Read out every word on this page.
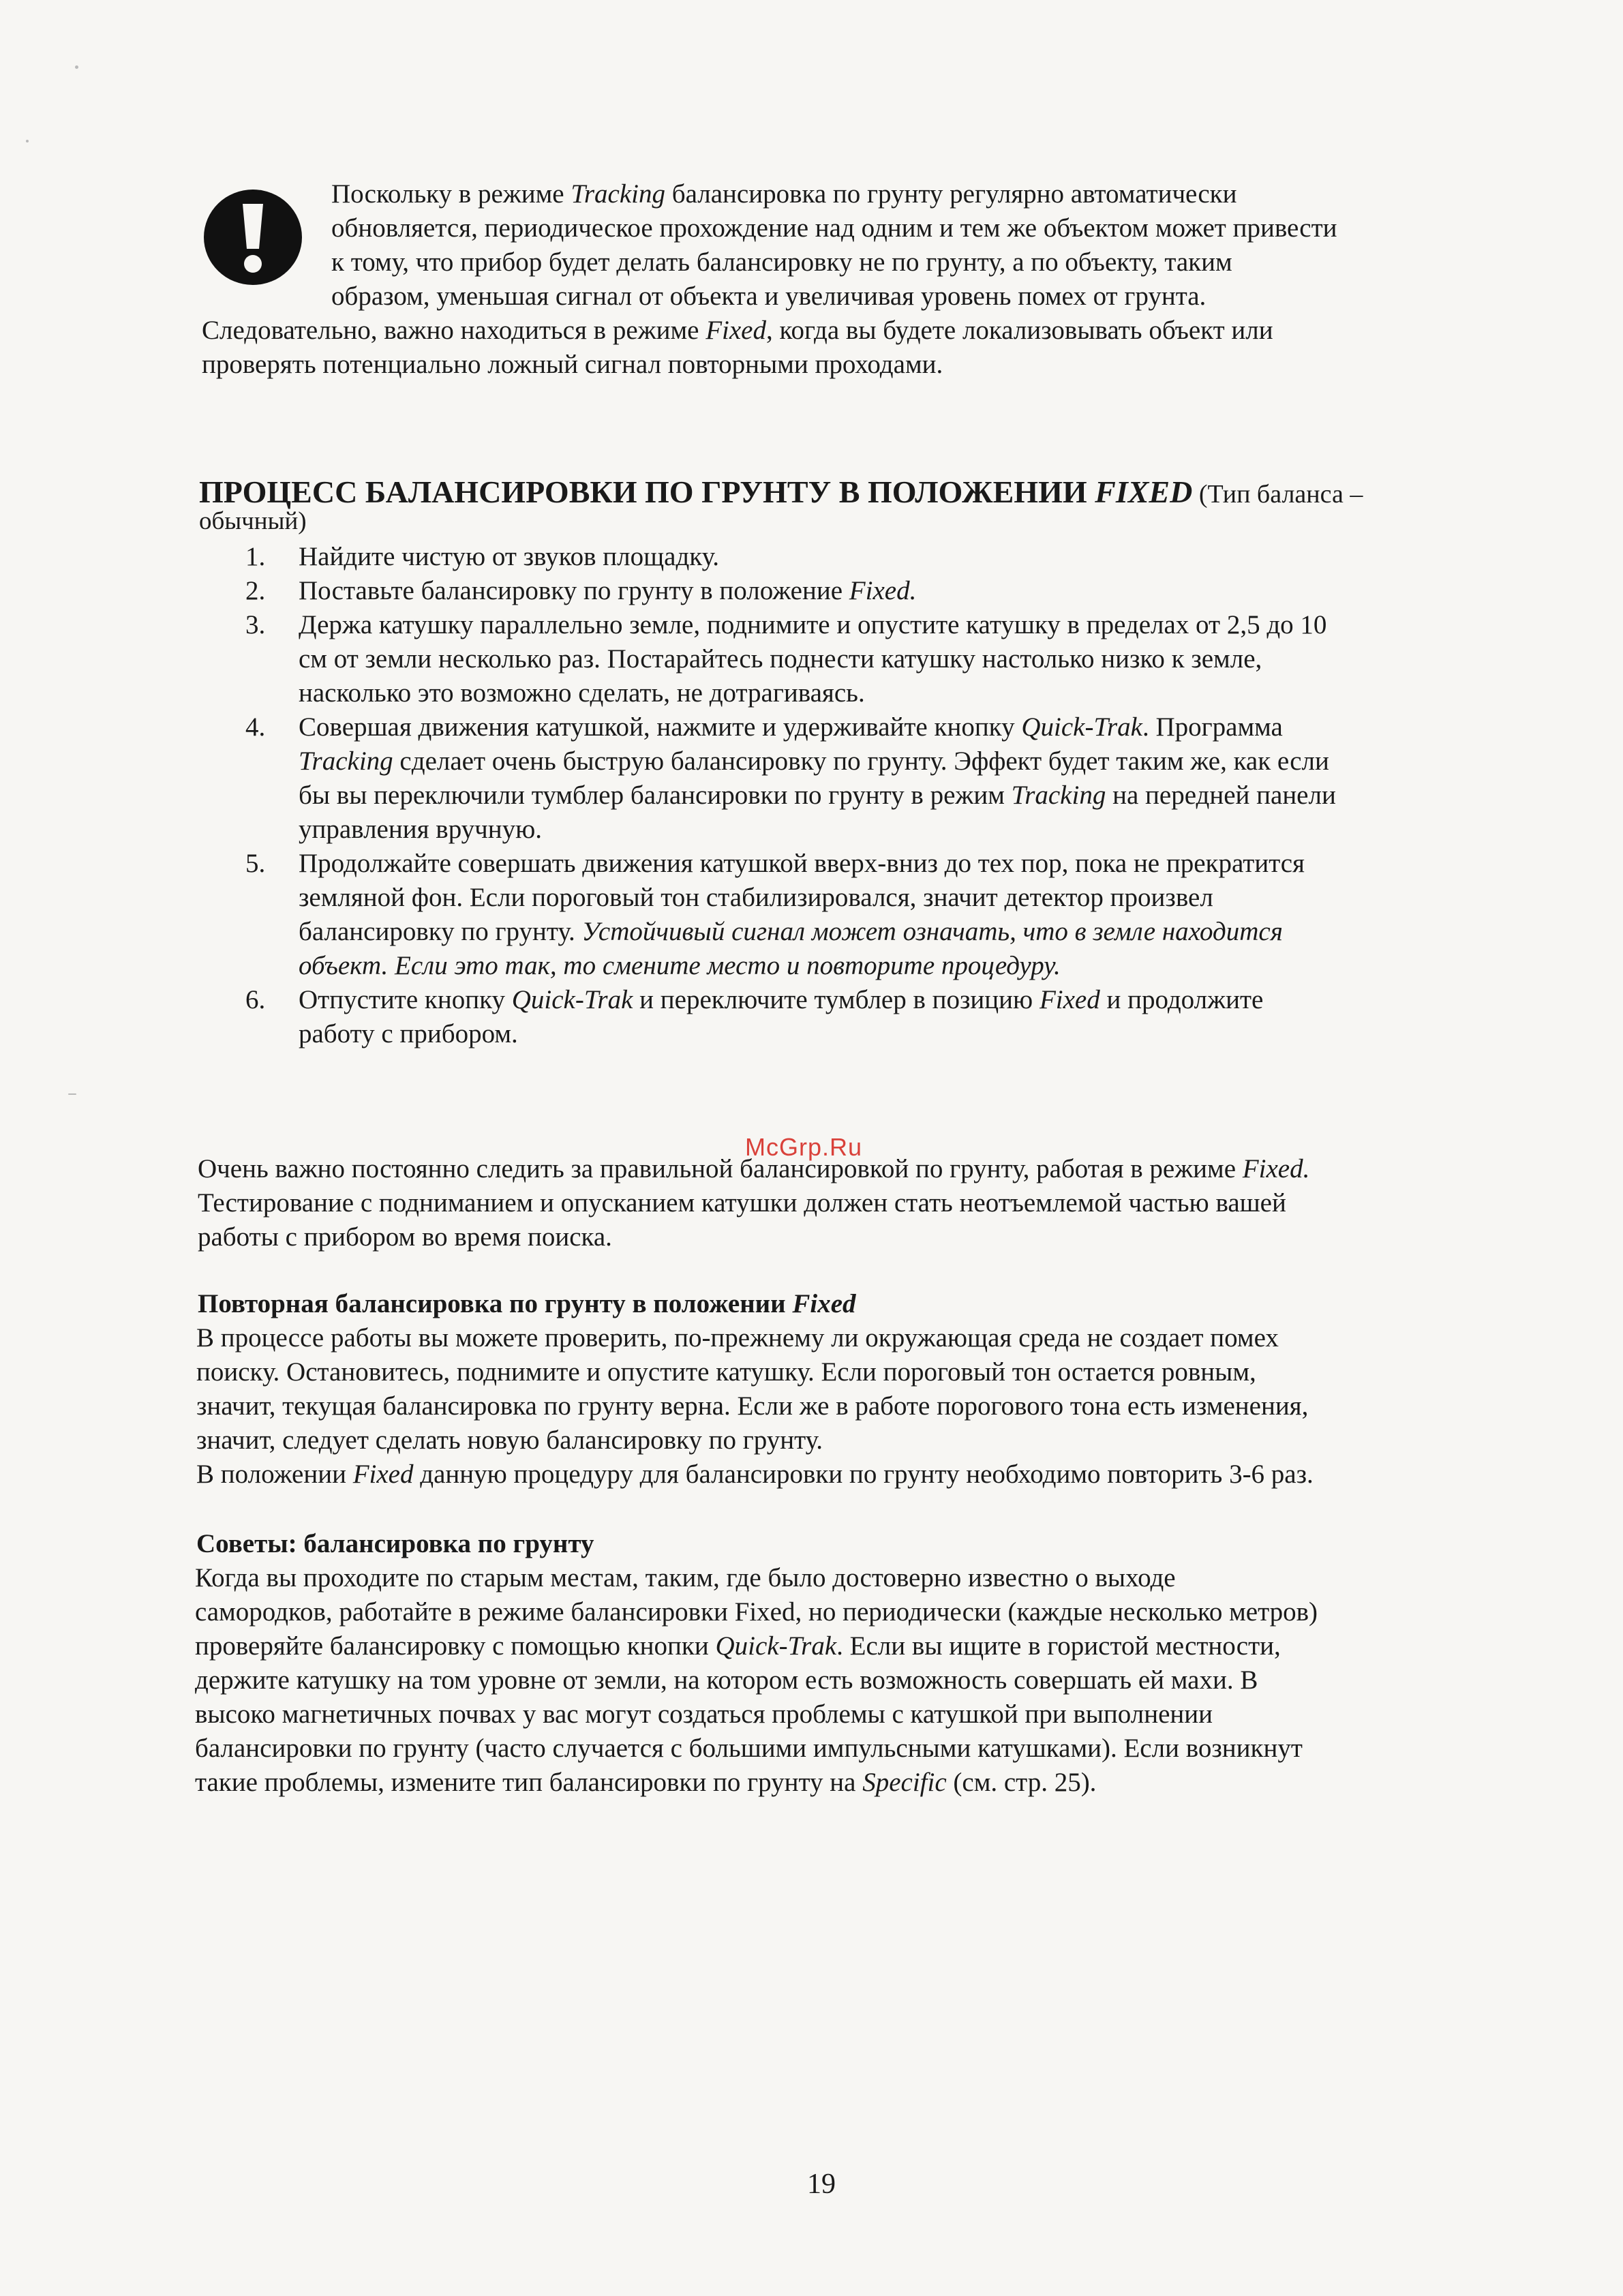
Поскольку в режиме Tracking балансировка по грунту регулярно автоматически
обновляется, периодическое прохождение над одним и тем же объектом может привести
к тому, что прибор будет делать балансировку не по грунту, а по объекту, таким
образом, уменьшая сигнал от объекта и увеличивая уровень помех от грунта.
Следовательно, важно находиться в режиме Fixed, когда вы будете локализовывать объект или
проверять потенциально ложный сигнал повторными проходами.
ПРОЦЕСС БАЛАНСИРОВКИ ПО ГРУНТУ В ПОЛОЖЕНИИ FIXED (Тип баланса –
обычный)
1. Найдите чистую от звуков площадку.
2. Поставьте балансировку по грунту в положение Fixed.
3. Держа катушку параллельно земле, поднимите и опустите катушку в пределах от 2,5 до 10
см от земли несколько раз. Постарайтесь поднести катушку настолько низко к земле,
насколько это возможно сделать, не дотрагиваясь.
4. Совершая движения катушкой, нажмите и удерживайте кнопку Quick-Trak. Программа
Tracking сделает очень быструю балансировку по грунту. Эффект будет таким же, как если
бы вы переключили тумблер балансировки по грунту в режим Tracking на передней панели
управления вручную.
5. Продолжайте совершать движения катушкой вверх-вниз до тех пор, пока не прекратится
земляной фон. Если пороговый тон стабилизировался, значит детектор произвел
балансировку по грунту. Устойчивый сигнал может означать, что в земле находится
объект. Если это так, то смените место и повторите процедуру.
6. Отпустите кнопку Quick-Trak и переключите тумблер в позицию Fixed и продолжите
работу с прибором.
McGrp.Ru
Очень важно постоянно следить за правильной балансировкой по грунту, работая в режиме Fixed.
Тестирование с подниманием и опусканием катушки должен стать неотъемлемой частью вашей
работы с прибором во время поиска.
Повторная балансировка по грунту в положении Fixed
В процессе работы вы можете проверить, по-прежнему ли окружающая среда не создает помех
поиску. Остановитесь, поднимите и опустите катушку. Если пороговый тон остается ровным,
значит, текущая балансировка по грунту верна. Если же в работе порогового тона есть изменения,
значит, следует сделать новую балансировку по грунту.
В положении Fixed данную процедуру для балансировки по грунту необходимо повторить 3-6 раз.
Советы: балансировка по грунту
Когда вы проходите по старым местам, таким, где было достоверно известно о выходе
самородков, работайте в режиме балансировки Fixed, но периодически (каждые несколько метров)
проверяйте балансировку с помощью кнопки Quick-Trak. Если вы ищите в гористой местности,
держите катушку на том уровне от земли, на котором есть возможность совершать ей махи. В
высоко магнетичных почвах у вас могут создаться проблемы с катушкой при выполнении
балансировки по грунту (часто случается с большими импульсными катушками). Если возникнут
такие проблемы, измените тип балансировки по грунту на Specific (см. стр. 25).
19
